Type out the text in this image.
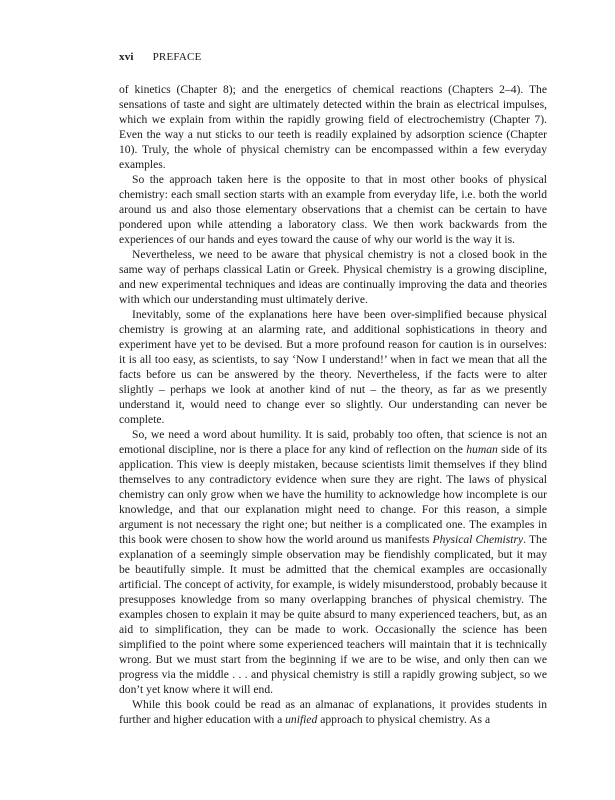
xvi PREFACE

of kinetics (Chapter 8); and the energetics of chemical reactions (Chapters 2–4). The sensations of taste and sight are ultimately detected within the brain as electrical impulses, which we explain from within the rapidly growing field of electrochemistry (Chapter 7). Even the way a nut sticks to our teeth is readily explained by adsorption science (Chapter 10). Truly, the whole of physical chemistry can be encompassed within a few everyday examples.

So the approach taken here is the opposite to that in most other books of physical chemistry: each small section starts with an example from everyday life, i.e. both the world around us and also those elementary observations that a chemist can be certain to have pondered upon while attending a laboratory class. We then work backwards from the experiences of our hands and eyes toward the cause of why our world is the way it is.

Nevertheless, we need to be aware that physical chemistry is not a closed book in the same way of perhaps classical Latin or Greek. Physical chemistry is a growing discipline, and new experimental techniques and ideas are continually improving the data and theories with which our understanding must ultimately derive.

Inevitably, some of the explanations here have been over-simplified because physical chemistry is growing at an alarming rate, and additional sophistications in theory and experiment have yet to be devised. But a more profound reason for caution is in ourselves: it is all too easy, as scientists, to say ‘Now I understand!’ when in fact we mean that all the facts before us can be answered by the theory. Nevertheless, if the facts were to alter slightly – perhaps we look at another kind of nut – the theory, as far as we presently understand it, would need to change ever so slightly. Our understanding can never be complete.

So, we need a word about humility. It is said, probably too often, that science is not an emotional discipline, nor is there a place for any kind of reflection on the human side of its application. This view is deeply mistaken, because scientists limit themselves if they blind themselves to any contradictory evidence when sure they are right. The laws of physical chemistry can only grow when we have the humility to acknowledge how incomplete is our knowledge, and that our explanation might need to change. For this reason, a simple argument is not necessary the right one; but neither is a complicated one. The examples in this book were chosen to show how the world around us manifests Physical Chemistry. The explanation of a seemingly simple observation may be fiendishly complicated, but it may be beautifully simple. It must be admitted that the chemical examples are occasionally artificial. The concept of activity, for example, is widely misunderstood, probably because it presupposes knowledge from so many overlapping branches of physical chemistry. The examples chosen to explain it may be quite absurd to many experienced teachers, but, as an aid to simplification, they can be made to work. Occasionally the science has been simplified to the point where some experienced teachers will maintain that it is technically wrong. But we must start from the beginning if we are to be wise, and only then can we progress via the middle . . . and physical chemistry is still a rapidly growing subject, so we don’t yet know where it will end.

While this book could be read as an almanac of explanations, it provides students in further and higher education with a unified approach to physical chemistry. As a
